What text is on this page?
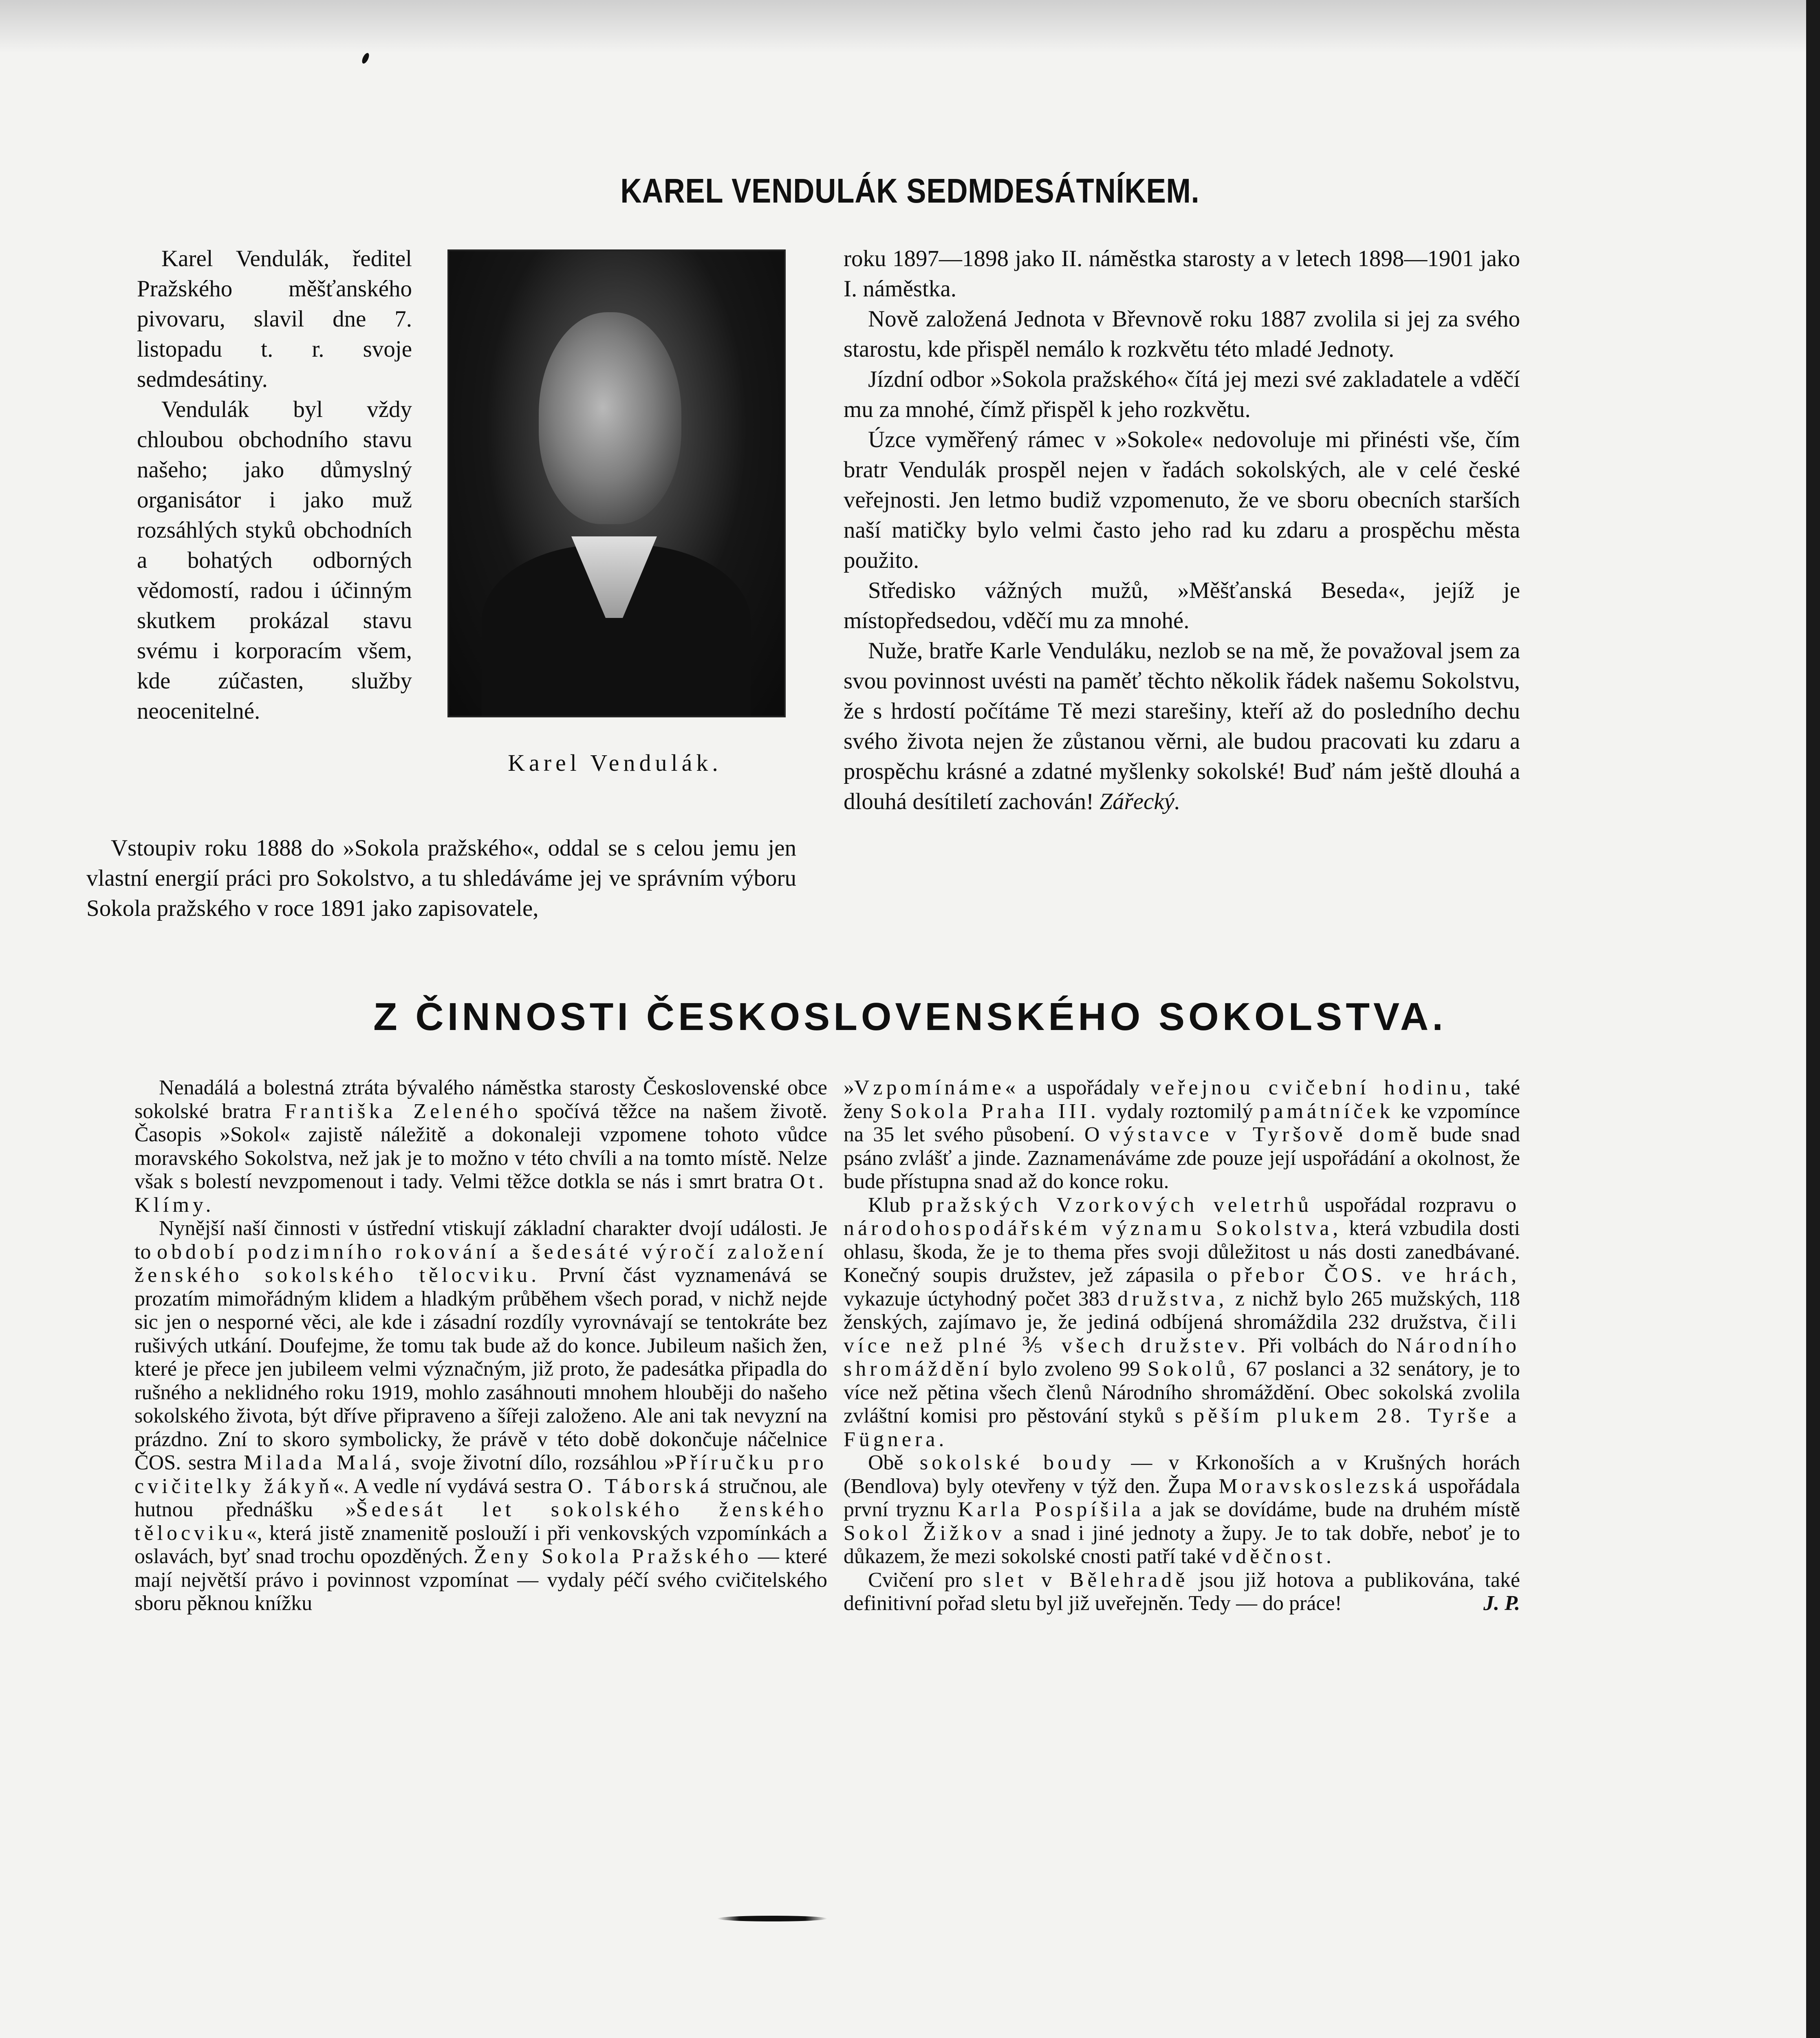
KAREL VENDULÁK SEDMDESÁTNÍKEM.

Karel Vendulák, ředitel Pražského měšťanského pivovaru, slavil dne 7. listopadu t. r. svoje sedmdesátiny.

Vendulák byl vždy chloubou obchodního stavu našeho; jako důmyslný organisátor i jako muž rozsáhlých styků obchodních a bohatých odborných vědomostí, radou i účinným skutkem prokázal stavu svému i korporacím všem, kde zúčasten, služby neocenitelné.

Karel Vendulák.

Vstoupiv roku 1888 do »Sokola pražského«, oddal se s celou jemu jen vlastní energií práci pro Sokolstvo, a tu shledáváme jej ve správním výboru Sokola pražského v roce 1891 jako zapisovatele,

roku 1897—1898 jako II. náměstka starosty a v letech 1898—1901 jako I. náměstka.

Nově založená Jednota v Břevnově roku 1887 zvolila si jej za svého starostu, kde přispěl nemálo k rozkvětu této mladé Jednoty.

Jízdní odbor »Sokola pražského« čítá jej mezi své zakladatele a vděčí mu za mnohé, čímž přispěl k jeho rozkvětu.

Úzce vyměřený rámec v »Sokole« nedovoluje mi přinésti vše, čím bratr Vendulák prospěl nejen v řadách sokolských, ale v celé české veřejnosti. Jen letmo budiž vzpomenuto, že ve sboru obecních starších naší matičky bylo velmi často jeho rad ku zdaru a prospěchu města použito.

Středisko vážných mužů, »Měšťanská Beseda«, jejíž je místopředsedou, vděčí mu za mnohé.

Nuže, bratře Karle Venduláku, nezlob se na mě, že považoval jsem za svou povinnost uvésti na paměť těchto několik řádek našemu Sokolstvu, že s hrdostí počítáme Tě mezi starešiny, kteří až do posledního dechu svého života nejen že zůstanou věrni, ale budou pracovati ku zdaru a prospěchu krásné a zdatné myšlenky sokolské! Buď nám ještě dlouhá a dlouhá desítiletí zachován! Zářecký.

Z ČINNOSTI ČESKOSLOVENSKÉHO SOKOLSTVA.

Nenadálá a bolestná ztráta bývalého náměstka starosty Československé obce sokolské bratra Františka Zeleného spočívá těžce na našem životě. Časopis »Sokol« zajistě náležitě a dokonaleji vzpomene tohoto vůdce moravského Sokolstva, než jak je to možno v této chvíli a na tomto místě. Nelze však s bolestí nevzpomenout i tady. Velmi těžce dotkla se nás i smrt bratra Ot. Klímy.

Nynější naší činnosti v ústřední vtiskují základní charakter dvojí události. Je to období podzimního rokování a šedesáté výročí založení ženského sokolského tělocviku. První část vyznamenává se prozatím mimořádným klidem a hladkým průběhem všech porad, v nichž nejde sic jen o nesporné věci, ale kde i zásadní rozdíly vyrovnávají se tentokráte bez rušivých utkání. Doufejme, že tomu tak bude až do konce. Jubileum našich žen, které je přece jen jubileem velmi význačným, již proto, že padesátka připadla do rušného a neklidného roku 1919, mohlo zasáhnouti mnohem hlouběji do našeho sokolského života, být dříve připraveno a šířeji založeno. Ale ani tak nevyzní na prázdno. Zní to skoro symbolicky, že právě v této době dokončuje náčelnice ČOS. sestra Milada Malá, svoje životní dílo, rozsáhlou »Příručku pro cvičitelky žákyň«. A vedle ní vydává sestra O. Táborská stručnou, ale hutnou přednášku »Šedesát let sokolského ženského tělocviku«, která jistě znamenitě poslouží i při venkovských vzpomínkách a oslavách, byť snad trochu opozděných. Ženy Sokola Pražského — které mají největší právo i povinnost vzpomínat — vydaly péčí svého cvičitelského sboru pěknou knížku

»Vzpomínáme« a uspořádaly veřejnou cvičební hodinu, také ženy Sokola Praha III. vydaly roztomilý památníček ke vzpomínce na 35 let svého působení. O výstavce v Tyršově domě bude snad psáno zvlášť a jinde. Zaznamenáváme zde pouze její uspořádání a okolnost, že bude přístupna snad až do konce roku.

Klub pražských Vzorkových veletrhů uspořádal rozpravu o národohospodářském významu Sokolstva, která vzbudila dosti ohlasu, škoda, že je to thema přes svoji důležitost u nás dosti zanedbávané. Konečný soupis družstev, jež zápasila o přebor ČOS. ve hrách, vykazuje úctyhodný počet 383 družstva, z nichž bylo 265 mužských, 118 ženských, zajímavo je, že jediná odbíjená shromáždila 232 družstva, čili více než plné ⅗ všech družstev. Při volbách do Národního shromáždění bylo zvoleno 99 Sokolů, 67 poslanci a 32 senátory, je to více než pětina všech členů Národního shromáždění. Obec sokolská zvolila zvláštní komisi pro pěstování styků s pěším plukem 28. Tyrše a Fügnera.

Obě sokolské boudy — v Krkonoších a v Krušných horách (Bendlova) byly otevřeny v týž den. Župa Moravskoslezská uspořádala první tryznu Karla Pospíšila a jak se dovídáme, bude na druhém místě Sokol Žižkov a snad i jiné jednoty a župy. Je to tak dobře, neboť je to důkazem, že mezi sokolské cnosti patří také vděčnost.

Cvičení pro slet v Bělehradě jsou již hotova a publikována, také definitivní pořad sletu byl již uveřejněn. Tedy — do práce!	J. P.
